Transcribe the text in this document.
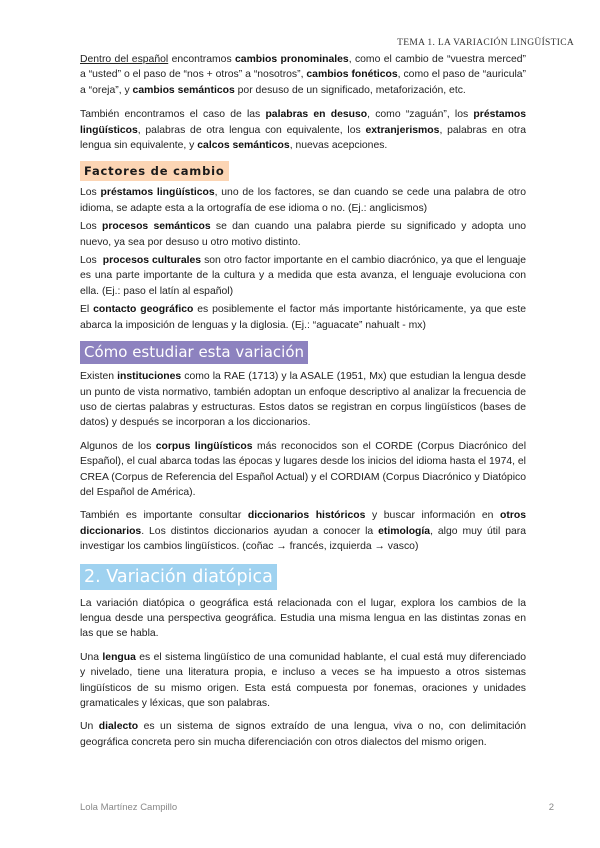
TEMA 1. LA VARIACIÓN LINGÜÍSTICA

Dentro del español encontramos cambios pronominales, como el cambio de “vuestra merced” a “usted” o el paso de “nos + otros” a “nosotros”, cambios fonéticos, como el paso de “auricula” a “oreja”, y cambios semánticos por desuso de un significado, metaforización, etc.

También encontramos el caso de las palabras en desuso, como “zaguán”, los préstamos lingüísticos, palabras de otra lengua con equivalente, los extranjerismos, palabras en otra lengua sin equivalente, y calcos semánticos, nuevas acepciones.

Factores de cambio

Los préstamos lingüísticos, uno de los factores, se dan cuando se cede una palabra de otro idioma, se adapte esta a la ortografía de ese idioma o no. (Ej.: anglicismos)

Los procesos semánticos se dan cuando una palabra pierde su significado y adopta uno nuevo, ya sea por desuso u otro motivo distinto.

Los  procesos culturales son otro factor importante en el cambio diacrónico, ya que el lenguaje es una parte importante de la cultura y a medida que esta avanza, el lenguaje evoluciona con ella. (Ej.: paso el latín al español)

El contacto geográfico es posiblemente el factor más importante históricamente, ya que este abarca la imposición de lenguas y la diglosia. (Ej.: “aguacate” nahualt - mx)

Cómo estudiar esta variación

Existen instituciones como la RAE (1713) y la ASALE (1951, Mx) que estudian la lengua desde un punto de vista normativo, también adoptan un enfoque descriptivo al analizar la frecuencia de uso de ciertas palabras y estructuras. Estos datos se registran en corpus lingüísticos (bases de datos) y después se incorporan a los diccionarios.

Algunos de los corpus lingüísticos más reconocidos son el CORDE (Corpus Diacrónico del Español), el cual abarca todas las épocas y lugares desde los inicios del idioma hasta el 1974, el CREA (Corpus de Referencia del Español Actual) y el CORDIAM (Corpus Diacrónico y Diatópico del Español de América).

También es importante consultar diccionarios históricos y buscar información en otros diccionarios. Los distintos diccionarios ayudan a conocer la etimología, algo muy útil para investigar los cambios lingüísticos. (coñac → francés, izquierda → vasco)

2. Variación diatópica

La variación diatópica o geográfica está relacionada con el lugar, explora los cambios de la lengua desde una perspectiva geográfica. Estudia una misma lengua en las distintas zonas en las que se habla.

Una lengua es el sistema lingüístico de una comunidad hablante, el cual está muy diferenciado y nivelado, tiene una literatura propia, e incluso a veces se ha impuesto a otros sistemas lingüísticos de su mismo origen. Esta está compuesta por fonemas, oraciones y unidades gramaticales y léxicas, que son palabras.

Un dialecto es un sistema de signos extraído de una lengua, viva o no, con delimitación geográfica concreta pero sin mucha diferenciación con otros dialectos del mismo origen.

Lola Martínez Campillo	2
